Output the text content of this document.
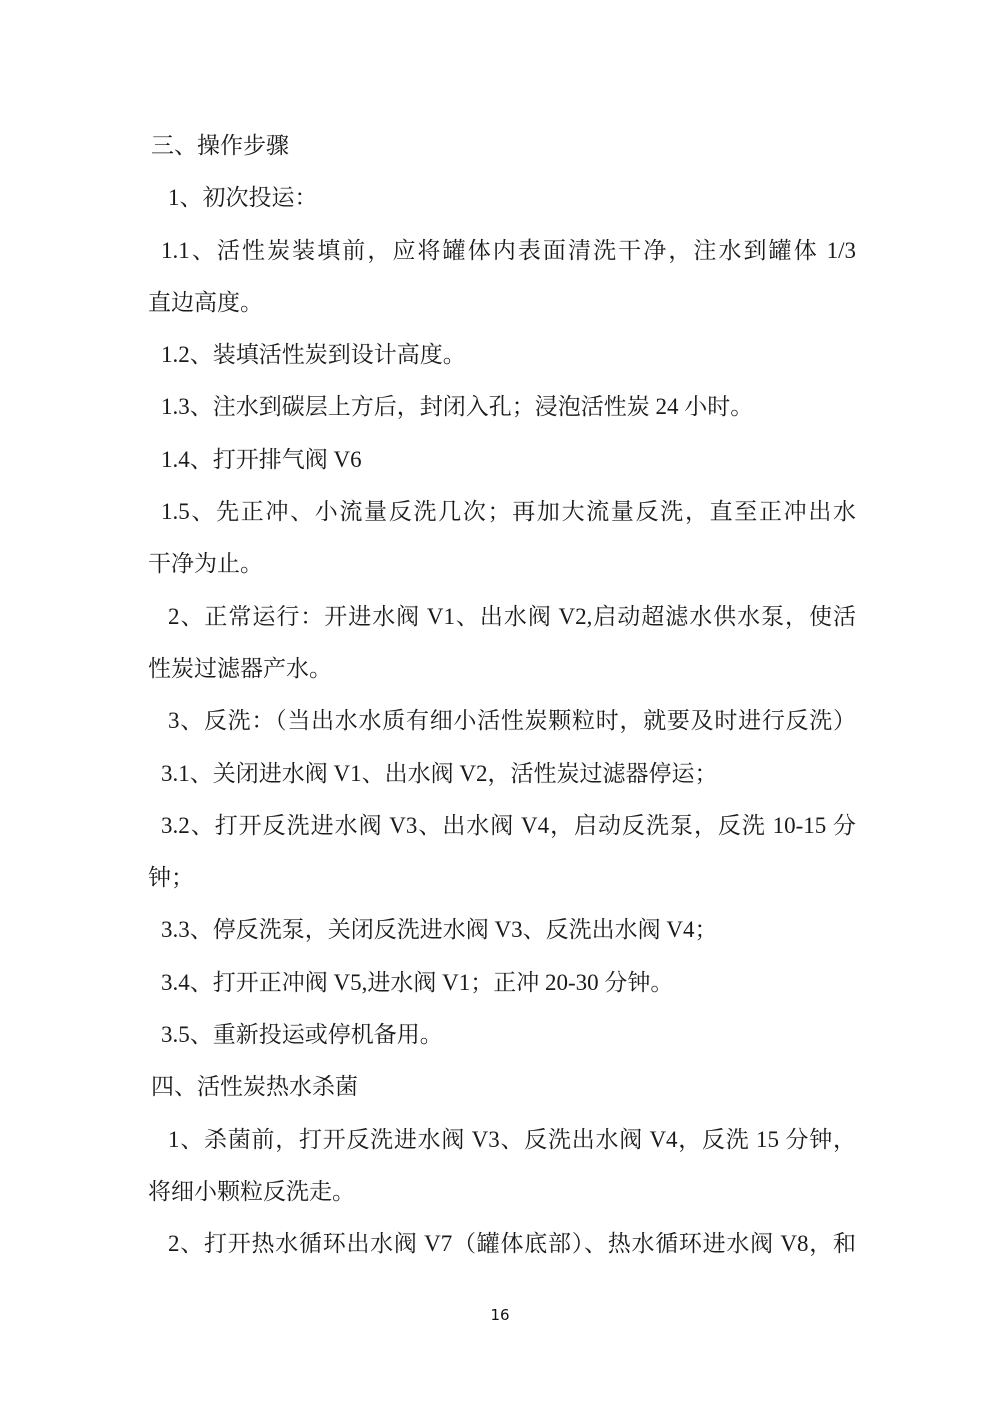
三、操作步骤
1、初次投运：
1.1、活性炭装填前，应将罐体内表面清洗干净，注水到罐体 1/3
直边高度。
1.2、装填活性炭到设计高度。
1.3、注水到碳层上方后，封闭入孔；浸泡活性炭 24 小时。
1.4、打开排气阀 V6
1.5、先正冲、小流量反洗几次；再加大流量反洗，直至正冲出水
干净为止。
2、正常运行：开进水阀 V1、出水阀 V2,启动超滤水供水泵，使活
性炭过滤器产水。
3、反洗：（当出水水质有细小活性炭颗粒时，就要及时进行反洗）
3.1、关闭进水阀 V1、出水阀 V2，活性炭过滤器停运；
3.2、打开反洗进水阀 V3、出水阀 V4，启动反洗泵，反洗 10-15 分
钟；
3.3、停反洗泵，关闭反洗进水阀 V3、反洗出水阀 V4；
3.4、打开正冲阀 V5,进水阀 V1；正冲 20-30 分钟。
3.5、重新投运或停机备用。
四、活性炭热水杀菌
1、杀菌前，打开反洗进水阀 V3、反洗出水阀 V4，反洗 15 分钟，
将细小颗粒反洗走。
2、打开热水循环出水阀 V7（罐体底部）、热水循环进水阀 V8，和
16
